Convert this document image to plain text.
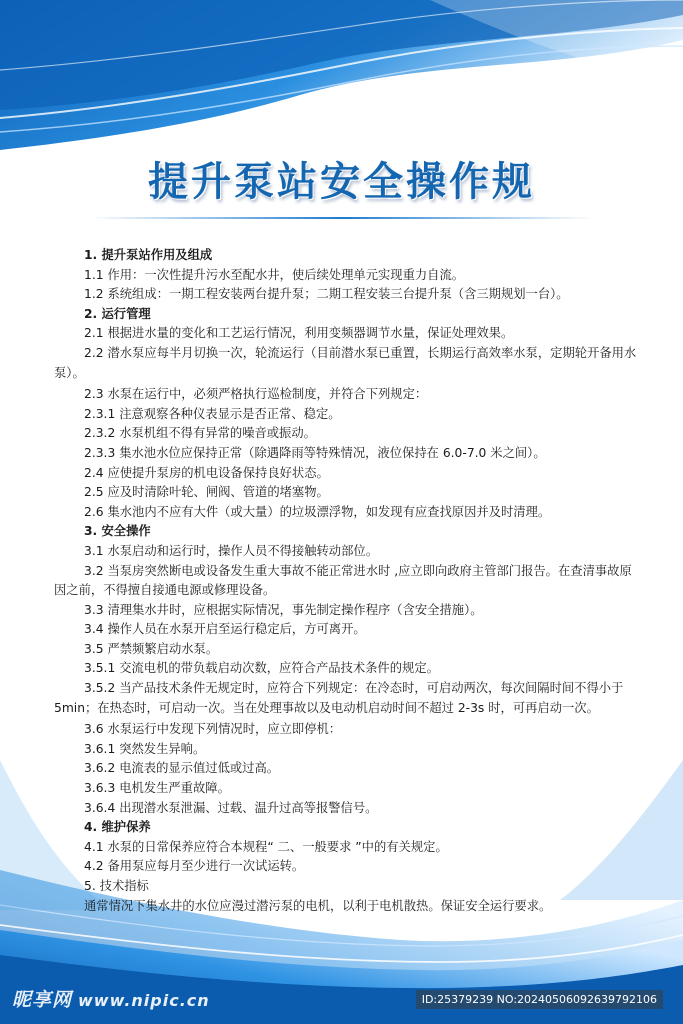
提升泵站安全操作规

1. 提升泵站作用及组成

1.1 作用：一次性提升污水至配水井，使后续处理单元实现重力自流。

1.2 系统组成：一期工程安装两台提升泵；二期工程安装三台提升泵（含三期规划一台）。

2. 运行管理

2.1 根据进水量的变化和工艺运行情况，利用变频器调节水量，保证处理效果。

2.2 潜水泵应每半月切换一次，轮流运行（目前潜水泵已重置，长期运行高效率水泵，定期轮开备用水泵）。

2.3 水泵在运行中，必须严格执行巡检制度，并符合下列规定：

2.3.1 注意观察各种仪表显示是否正常、稳定。

2.3.2 水泵机组不得有异常的噪音或振动。

2.3.3 集水池水位应保持正常（除遇降雨等特殊情况，液位保持在 6.0-7.0 米之间）。

2.4 应使提升泵房的机电设备保持良好状态。

2.5 应及时清除叶轮、闸阀、管道的堵塞物。

2.6 集水池内不应有大件（或大量）的垃圾漂浮物，如发现有应查找原因并及时清理。

3. 安全操作

3.1 水泵启动和运行时，操作人员不得接触转动部位。

3.2 当泵房突然断电或设备发生重大事故不能正常进水时 ,应立即向政府主管部门报告。在查清事故原因之前，不得擅自接通电源或修理设备。

3.3 清理集水井时，应根据实际情况，事先制定操作程序（含安全措施）。

3.4 操作人员在水泵开启至运行稳定后，方可离开。

3.5 严禁频繁启动水泵。

3.5.1 交流电机的带负载启动次数，应符合产品技术条件的规定。

3.5.2 当产品技术条件无规定时，应符合下列规定：在冷态时，可启动两次，每次间隔时间不得小于 5min；在热态时，可启动一次。当在处理事故以及电动机启动时间不超过 2-3s 时，可再启动一次。

3.6 水泵运行中发现下列情况时，应立即停机：

3.6.1 突然发生异响。

3.6.2 电流表的显示值过低或过高。

3.6.3 电机发生严重故障。

3.6.4 出现潜水泵泄漏、过载、温升过高等报警信号。

4. 维护保养

4.1 水泵的日常保养应符合本规程“ 二、一般要求 ”中的有关规定。

4.2 备用泵应每月至少进行一次试运转。

5. 技术指标

通常情况下集水井的水位应漫过潜污泵的电机，以利于电机散热。保证安全运行要求。

昵享网 www.nipic.cn	ID:25379239 NO:20240506092639792106
